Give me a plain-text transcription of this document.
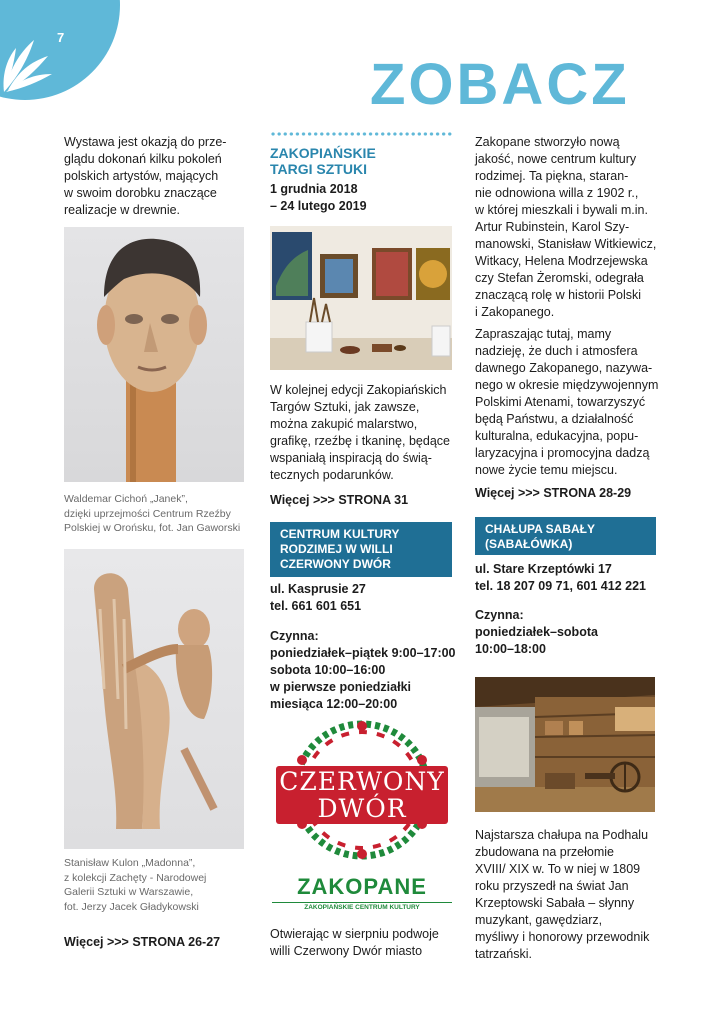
7
ZOBACZ
Wystawa jest okazją do prze-
glądu dokonań kilku pokoleń
polskich artystów, mających
w swoim dorobku znaczące
realizacje w drewnie.
Waldemar Cichoń „Janek”,
dzięki uprzejmości Centrum Rzeźby
Polskiej w Orońsku, fot. Jan Gaworski
Stanisław Kulon „Madonna”,
z kolekcji Zachęty - Narodowej
Galerii Sztuki w Warszawie,
fot. Jerzy Jacek Gładykowski
Więcej >>> STRONA 26-27
ZAKOPIAŃSKIE
TARGI SZTUKI
1 grudnia 2018
– 24 lutego 2019
W kolejnej edycji Zakopiańskich
Targów Sztuki, jak zawsze,
można zakupić malarstwo,
grafikę, rzeźbę i tkaninę, będące
wspaniałą inspiracją do świą-
tecznych podarunków.
Więcej >>> STRONA 31
CENTRUM KULTURY
RODZIMEJ W WILLI
CZERWONY DWÓR
ul. Kasprusie 27
tel. 661 601 651
Czynna:
poniedziałek–piątek 9:00–17:00
sobota 10:00–16:00
w pierwsze poniedziałki
miesiąca 12:00–20:00
CZERWONY
DWÓR
ZAKOPANE
ZAKOPIAŃSKIE CENTRUM KULTURY
Otwierając w sierpniu podwoje
willi Czerwony Dwór miasto
Zakopane stworzyło nową
jakość, nowe centrum kultury
rodzimej. Ta piękna, staran-
nie odnowiona willa z 1902 r.,
w której mieszkali i bywali m.in.
Artur Rubinstein, Karol Szy-
manowski, Stanisław Witkiewicz,
Witkacy, Helena Modrzejewska
czy Stefan Żeromski, odegrała
znaczącą rolę w historii Polski
i Zakopanego.
Zapraszając tutaj, mamy
nadzieję, że duch i atmosfera
dawnego Zakopanego, nazywa-
nego w okresie międzywojennym
Polskimi Atenami, towarzyszyć
będą Państwu, a działalność
kulturalna, edukacyjna, popu-
laryzacyjna i promocyjna dadzą
nowe życie temu miejscu.
Więcej >>> STRONA 28-29
CHAŁUPA SABAŁY
(SABAŁÓWKA)
ul. Stare Krzeptówki 17
tel. 18 207 09 71, 601 412 221
Czynna:
poniedziałek–sobota
10:00–18:00
Najstarsza chałupa na Podhalu
zbudowana na przełomie
XVIII/ XIX w. To w niej w 1809
roku przyszedł na świat Jan
Krzeptowski Sabała – słynny
muzykant, gawędziarz,
myśliwy i honorowy przewodnik
tatrzański.
